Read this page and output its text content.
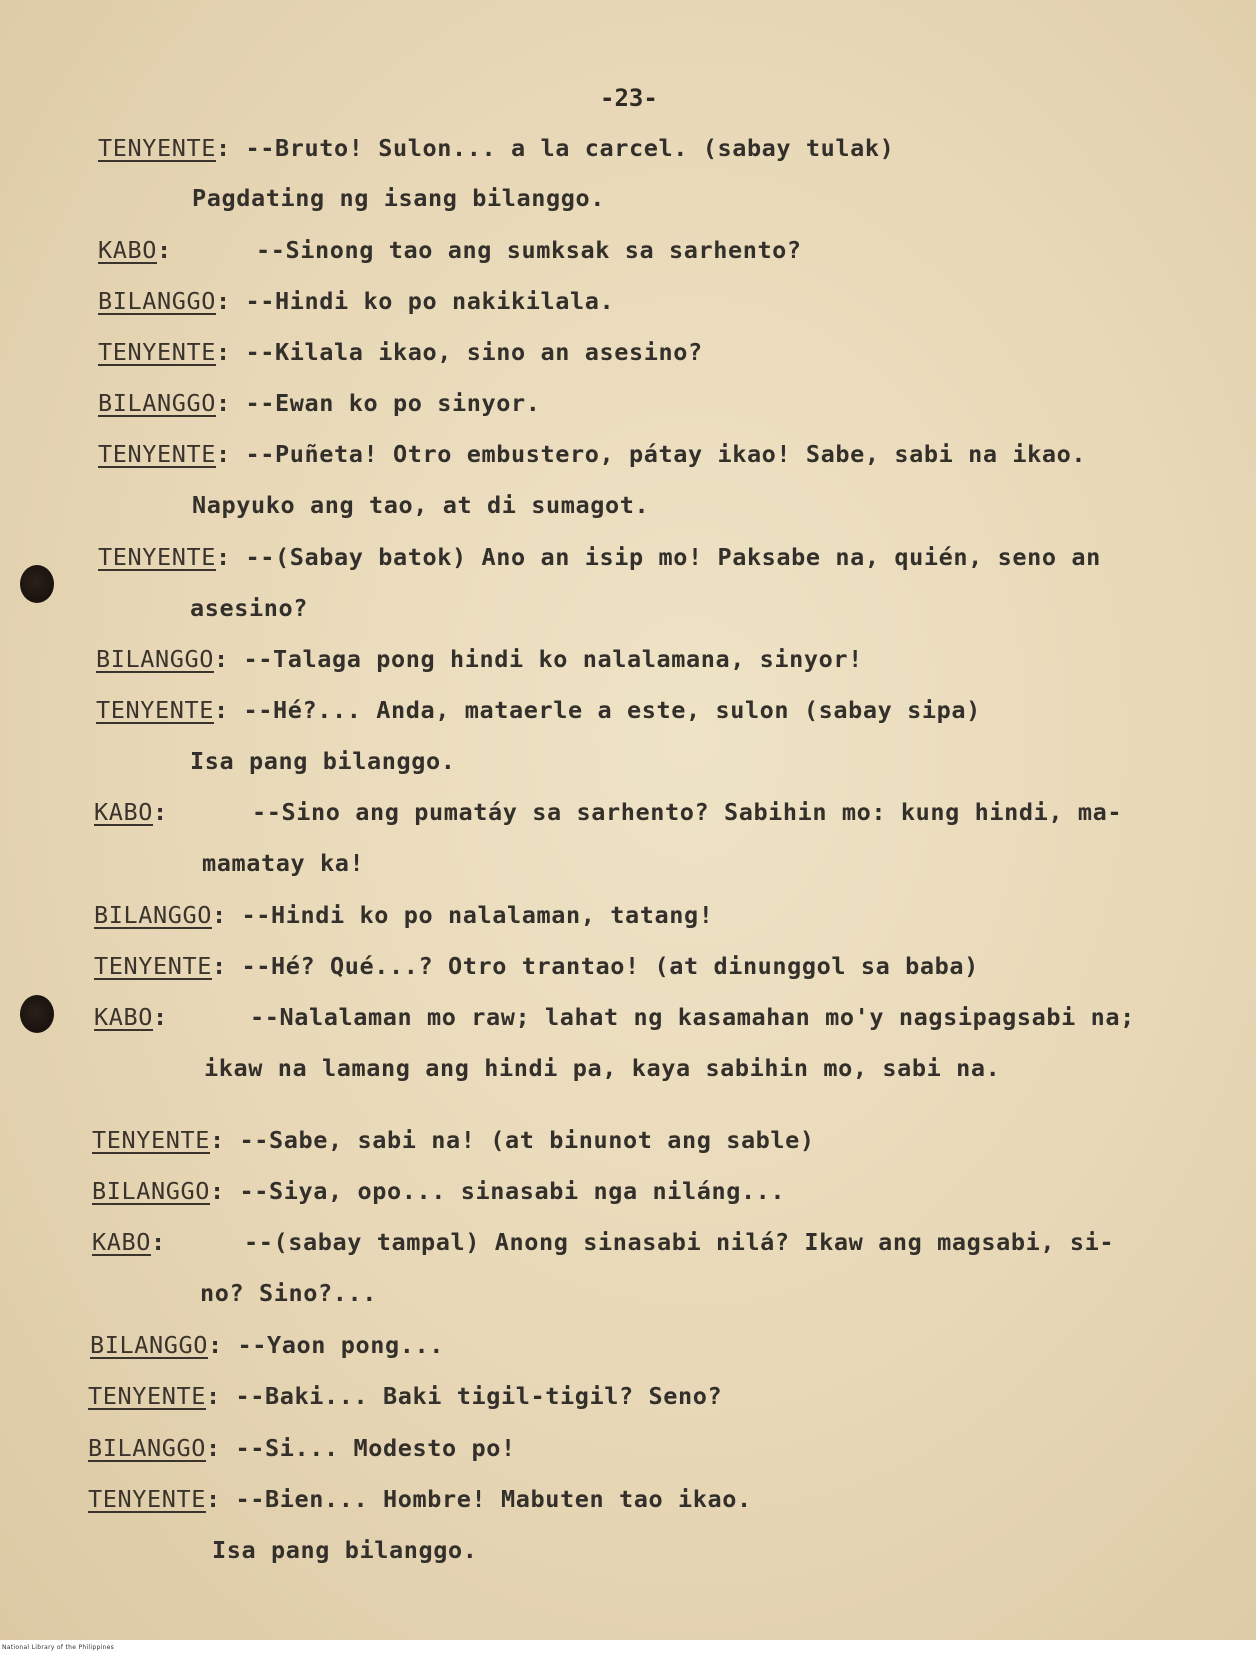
-23-
TENYENTE: --Bruto! Sulon... a la carcel. (sabay tulak)
Pagdating ng isang bilanggo.
KABO:	--Sinong tao ang sumksak sa sarhento?
BILANGGO: --Hindi ko po nakikilala.
TENYENTE: --Kilala ikao, sino an asesino?
BILANGGO: --Ewan ko po sinyor.
TENYENTE: --Puñeta! Otro embustero, pátay ikao! Sabe, sabi na ikao.
Napyuko ang tao, at di sumagot.
TENYENTE: --(Sabay batok) Ano an isip mo! Paksabe na, quién, seno an
asesino?
BILANGGO: --Talaga pong hindi ko nalalamana, sinyor!
TENYENTE: --Hé?... Anda, mataerle a este, sulon (sabay sipa)
Isa pang bilanggo.
KABO:	--Sino ang pumatáy sa sarhento? Sabihin mo: kung hindi, ma-
mamatay ka!
BILANGGO: --Hindi ko po nalalaman, tatang!
TENYENTE: --Hé? Qué...? Otro trantao! (at dinunggol sa baba)
KABO:	--Nalalaman mo raw; lahat ng kasamahan mo'y nagsipagsabi na;
ikaw na lamang ang hindi pa, kaya sabihin mo, sabi na.
TENYENTE: --Sabe, sabi na! (at binunot ang sable)
BILANGGO: --Siya, opo... sinasabi nga niláng...
KABO:	--(sabay tampal) Anong sinasabi nilá? Ikaw ang magsabi, si-
no? Sino?...
BILANGGO: --Yaon pong...
TENYENTE: --Baki... Baki tigil-tigil? Seno?
BILANGGO: --Si... Modesto po!
TENYENTE: --Bien... Hombre! Mabuten tao ikao.
Isa pang bilanggo.
National Library of the Philippines
